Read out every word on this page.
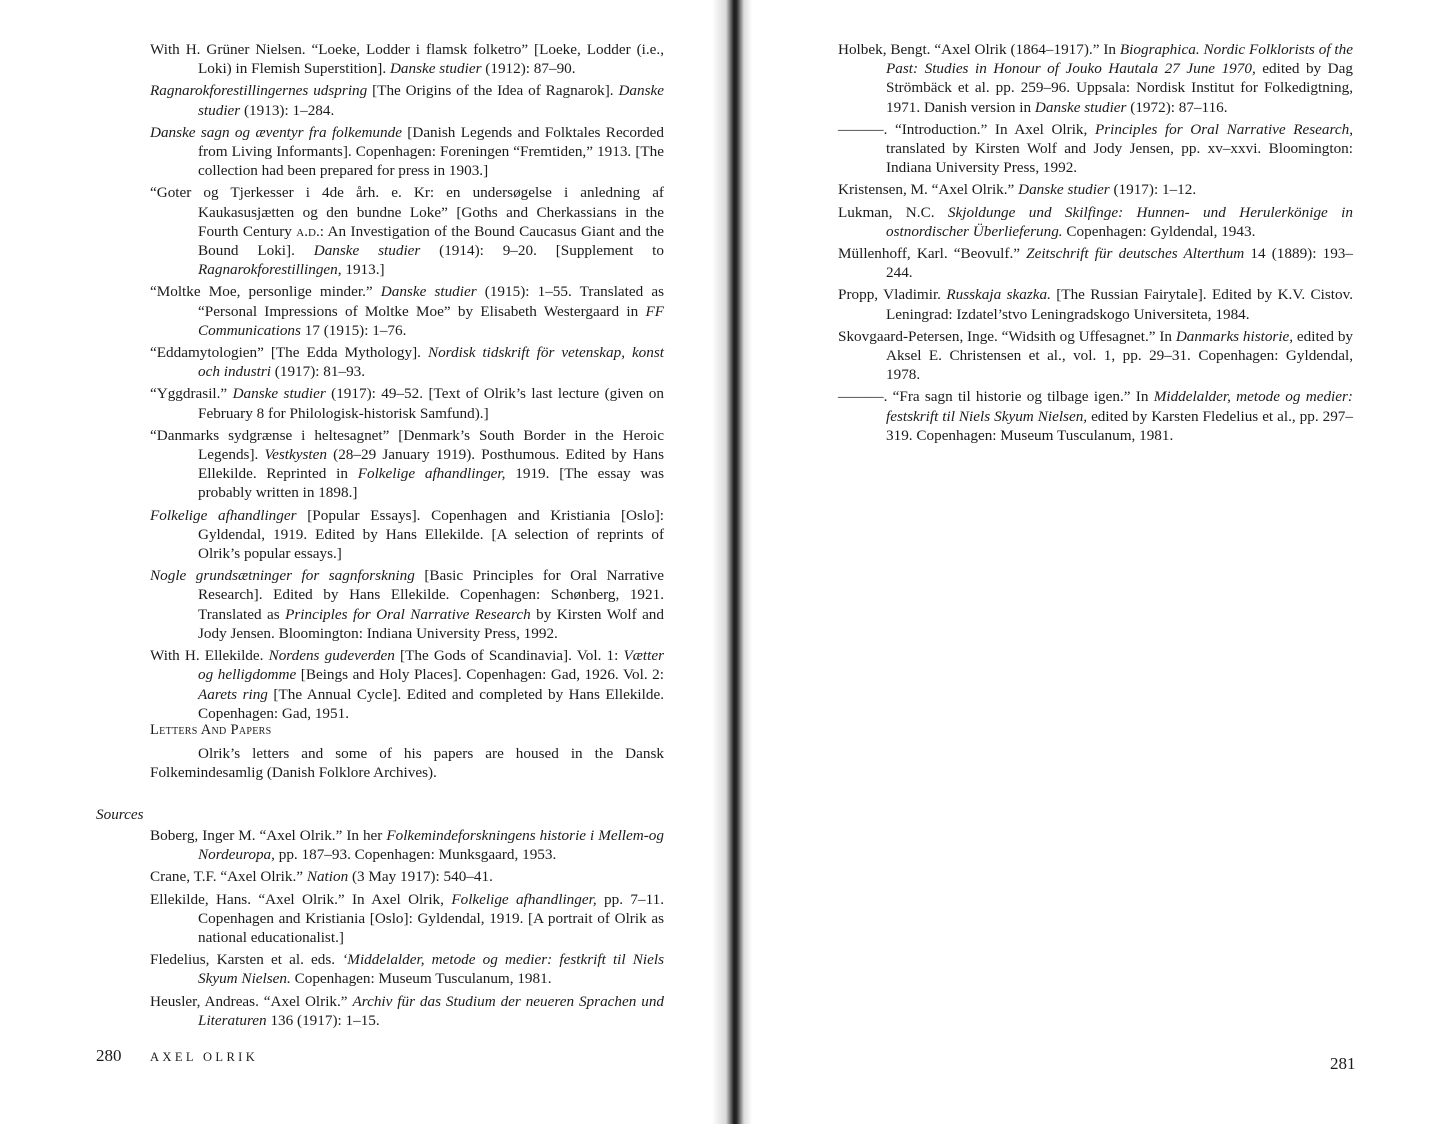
With H. Grüner Nielsen. “Loeke, Lodder i flamsk folketro” [Loeke, Lodder (i.e., Loki) in Flemish Superstition]. Danske studier (1912): 87–90.

Ragnarokforestillingernes udspring [The Origins of the Idea of Ragnarok]. Danske studier (1913): 1–284.

Danske sagn og æventyr fra folkemunde [Danish Legends and Folktales Recorded from Living Informants]. Copenhagen: Foreningen “Fremtiden,” 1913. [The collection had been prepared for press in 1903.]

“Goter og Tjerkesser i 4de årh. e. Kr: en undersøgelse i anledning af Kaukasusjætten og den bundne Loke” [Goths and Cherkassians in the Fourth Century a.d.: An Investigation of the Bound Caucasus Giant and the Bound Loki]. Danske studier (1914): 9–20. [Supplement to Ragnarokforestillingen, 1913.]

“Moltke Moe, personlige minder.” Danske studier (1915): 1–55. Translated as “Personal Impressions of Moltke Moe” by Elisabeth Westergaard in FF Communications 17 (1915): 1–76.

“Eddamytologien” [The Edda Mythology]. Nordisk tidskrift för vetenskap, konst och industri (1917): 81–93.

“Yggdrasil.” Danske studier (1917): 49–52. [Text of Olrik’s last lecture (given on February 8 for Philologisk-historisk Samfund).]

“Danmarks sydgrænse i heltesagnet” [Denmark’s South Border in the Heroic Legends]. Vestkysten (28–29 January 1919). Posthumous. Edited by Hans Ellekilde. Reprinted in Folkelige afhandlinger, 1919. [The essay was probably written in 1898.]

Folkelige afhandlinger [Popular Essays]. Copenhagen and Kristiania [Oslo]: Gyldendal, 1919. Edited by Hans Ellekilde. [A selection of reprints of Olrik’s popular essays.]

Nogle grundsætninger for sagnforskning [Basic Principles for Oral Narrative Research]. Edited by Hans Ellekilde. Copenhagen: Schønberg, 1921. Translated as Principles for Oral Narrative Research by Kirsten Wolf and Jody Jensen. Bloomington: Indiana University Press, 1992.

With H. Ellekilde. Nordens gudeverden [The Gods of Scandinavia]. Vol. 1: Vætter og helligdomme [Beings and Holy Places]. Copenhagen: Gad, 1926. Vol. 2: Aarets ring [The Annual Cycle]. Edited and completed by Hans Ellekilde. Copenhagen: Gad, 1951.

Letters And Papers
Olrik’s letters and some of his papers are housed in the Dansk Folkemindesamlig (Danish Folklore Archives).
Sources

Boberg, Inger M. “Axel Olrik.” In her Folkemindeforskningens historie i Mellem-og Nordeuropa, pp. 187–93. Copenhagen: Munksgaard, 1953.

Crane, T.F. “Axel Olrik.” Nation (3 May 1917): 540–41.

Ellekilde, Hans. “Axel Olrik.” In Axel Olrik, Folkelige afhandlinger, pp. 7–11. Copenhagen and Kristiania [Oslo]: Gyldendal, 1919. [A portrait of Olrik as national educationalist.]

Fledelius, Karsten et al. eds. ‘Middelalder, metode og medier: festkrift til Niels Skyum Nielsen. Copenhagen: Museum Tusculanum, 1981.

Heusler, Andreas. “Axel Olrik.” Archiv für das Studium der neueren Sprachen und Literaturen 136 (1917): 1–15.

280 AXEL OLRIK

Holbek, Bengt. “Axel Olrik (1864–1917).” In Biographica. Nordic Folklorists of the Past: Studies in Honour of Jouko Hautala 27 June 1970, edited by Dag Strömbäck et al. pp. 259–96. Uppsala: Nordisk Institut for Folkedigtning, 1971. Danish version in Danske studier (1972): 87–116.

———. “Introduction.” In Axel Olrik, Principles for Oral Narrative Research, translated by Kirsten Wolf and Jody Jensen, pp. xv–xxvi. Bloomington: Indiana University Press, 1992.

Kristensen, M. “Axel Olrik.” Danske studier (1917): 1–12.

Lukman, N.C. Skjoldunge und Skilfinge: Hunnen- und Herulerkönige in ostnordischer Überlieferung. Copenhagen: Gyldendal, 1943.

Müllenhoff, Karl. “Beovulf.” Zeitschrift für deutsches Alterthum 14 (1889): 193–244.

Propp, Vladimir. Russkaja skazka. [The Russian Fairytale]. Edited by K.V. Cistov. Leningrad: Izdatel’stvo Leningradskogo Universiteta, 1984.

Skovgaard-Petersen, Inge. “Widsith og Uffesagnet.” In Danmarks historie, edited by Aksel E. Christensen et al., vol. 1, pp. 29–31. Copenhagen: Gyldendal, 1978.

———. “Fra sagn til historie og tilbage igen.” In Middelalder, metode og medier: festskrift til Niels Skyum Nielsen, edited by Karsten Fledelius et al., pp. 297–319. Copenhagen: Museum Tusculanum, 1981.

281
